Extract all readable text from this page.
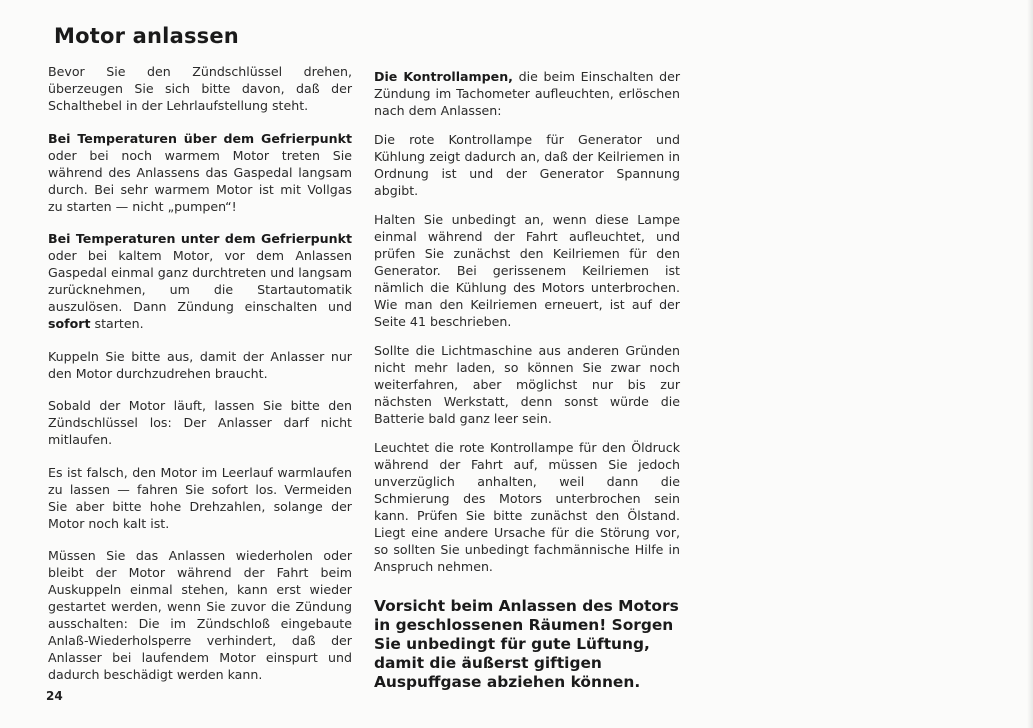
Motor anlassen

Bevor Sie den Zündschlüssel drehen, überzeugen Sie sich bitte davon, daß der Schalthebel in der Lehrlaufstellung steht.

Bei Temperaturen über dem Gefrierpunkt oder bei noch warmem Motor treten Sie während des Anlassens das Gaspedal langsam durch. Bei sehr warmem Motor ist mit Vollgas zu starten — nicht „pumpen“!

Bei Temperaturen unter dem Gefrierpunkt oder bei kaltem Motor, vor dem Anlassen Gaspedal einmal ganz durchtreten und langsam zurücknehmen, um die Startautomatik auszulösen. Dann Zündung einschalten und sofort starten.

Kuppeln Sie bitte aus, damit der Anlasser nur den Motor durchzudrehen braucht.

Sobald der Motor läuft, lassen Sie bitte den Zündschlüssel los: Der Anlasser darf nicht mitlaufen.

Es ist falsch, den Motor im Leerlauf warmlaufen zu lassen — fahren Sie sofort los. Vermeiden Sie aber bitte hohe Drehzahlen, solange der Motor noch kalt ist.

Müssen Sie das Anlassen wiederholen oder bleibt der Motor während der Fahrt beim Auskuppeln einmal stehen, kann erst wieder gestartet werden, wenn Sie zuvor die Zündung ausschalten: Die im Zündschloß eingebaute Anlaß-Wiederholsperre verhindert, daß der Anlasser bei laufendem Motor einspurt und dadurch beschädigt werden kann.

Die Kontrollampen, die beim Einschalten der Zündung im Tachometer aufleuchten, erlöschen nach dem Anlassen:

Die rote Kontrollampe für Generator und Kühlung zeigt dadurch an, daß der Keilriemen in Ordnung ist und der Generator Spannung abgibt.

Halten Sie unbedingt an, wenn diese Lampe einmal während der Fahrt aufleuchtet, und prüfen Sie zunächst den Keilriemen für den Generator. Bei gerissenem Keilriemen ist nämlich die Kühlung des Motors unterbrochen. Wie man den Keilriemen erneuert, ist auf der Seite 41 beschrieben.

Sollte die Lichtmaschine aus anderen Gründen nicht mehr laden, so können Sie zwar noch weiterfahren, aber möglichst nur bis zur nächsten Werkstatt, denn sonst würde die Batterie bald ganz leer sein.

Leuchtet die rote Kontrollampe für den Öldruck während der Fahrt auf, müssen Sie jedoch unverzüglich anhalten, weil dann die Schmierung des Motors unterbrochen sein kann. Prüfen Sie bitte zunächst den Ölstand. Liegt eine andere Ursache für die Störung vor, so sollten Sie unbedingt fachmännische Hilfe in Anspruch nehmen.

Vorsicht beim Anlassen des Motors in geschlossenen Räumen! Sorgen Sie unbedingt für gute Lüftung, damit die äußerst giftigen Auspuffgase abziehen können.
24
